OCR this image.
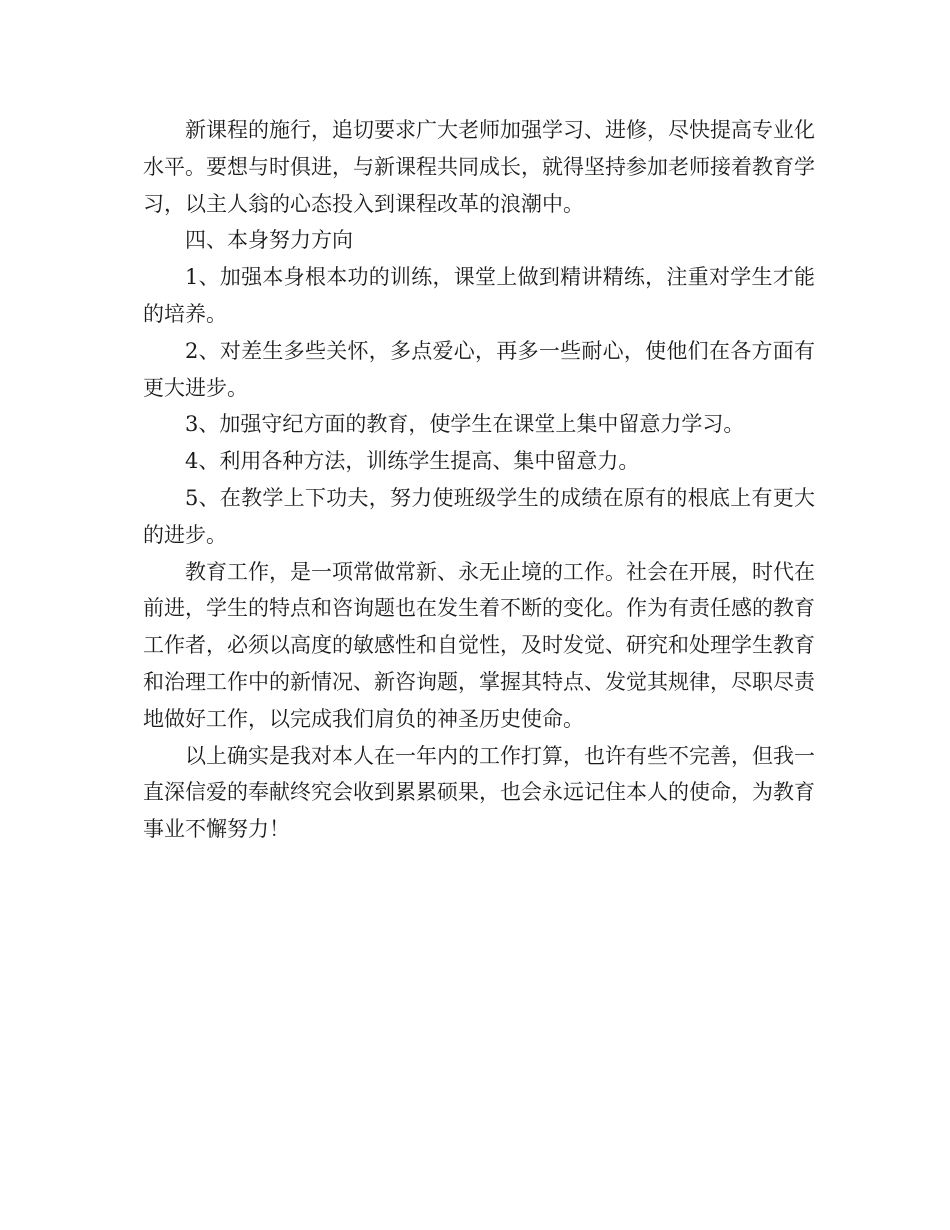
新课程的施行，追切要求广大老师加强学习、进修，尽快提高专业化水平。要想与时俱进，与新课程共同成长，就得坚持参加老师接着教育学习，以主人翁的心态投入到课程改革的浪潮中。

四、本身努力方向

1、加强本身根本功的训练，课堂上做到精讲精练，注重对学生才能的培养。

2、对差生多些关怀，多点爱心，再多一些耐心，使他们在各方面有更大进步。

3、加强守纪方面的教育，使学生在课堂上集中留意力学习。

4、利用各种方法，训练学生提高、集中留意力。

5、在教学上下功夫，努力使班级学生的成绩在原有的根底上有更大的进步。

教育工作，是一项常做常新、永无止境的工作。社会在开展，时代在前进，学生的特点和咨询题也在发生着不断的变化。作为有责任感的教育工作者，必须以高度的敏感性和自觉性，及时发觉、研究和处理学生教育和治理工作中的新情况、新咨询题，掌握其特点、发觉其规律，尽职尽责地做好工作，以完成我们肩负的神圣历史使命。

以上确实是我对本人在一年内的工作打算，也许有些不完善，但我一直深信爱的奉献终究会收到累累硕果，也会永远记住本人的使命，为教育事业不懈努力！
